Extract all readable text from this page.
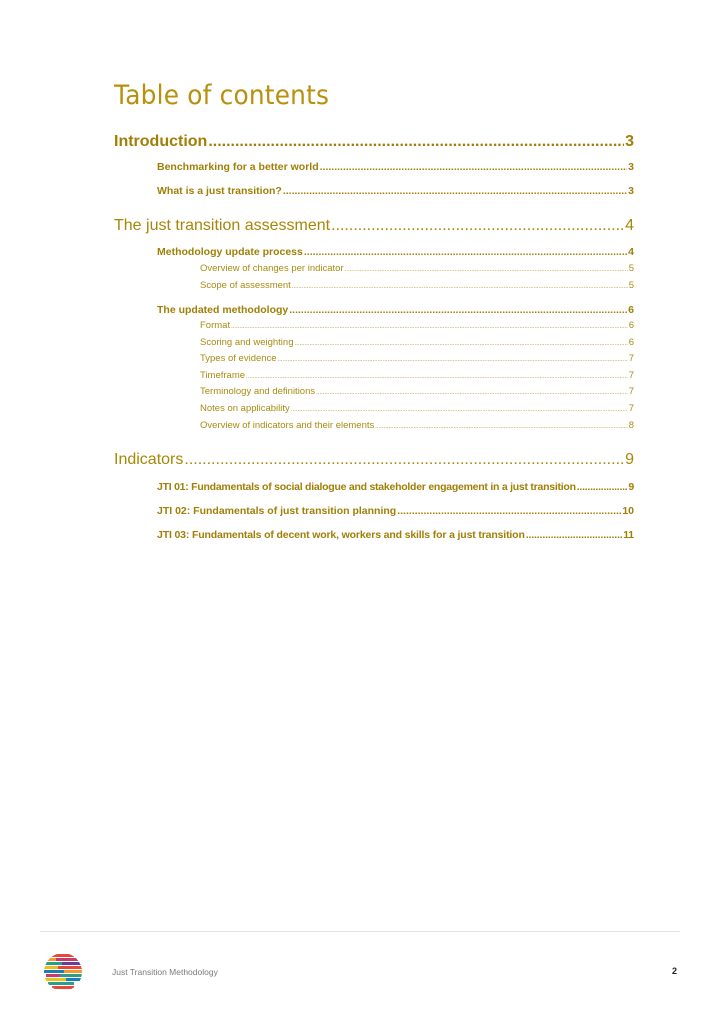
Table of contents
Introduction .....	3
Benchmarking for a better world .....	3
What is a just transition? .....	3
The just transition assessment .....	4
Methodology update process .....	4
Overview of changes per indicator .....	5
Scope of assessment .....	5
The updated methodology .....	6
Format .....	6
Scoring and weighting .....	6
Types of evidence .....	7
Timeframe .....	7
Terminology and definitions .....	7
Notes on applicability .....	7
Overview of indicators and their elements .....	8
Indicators .....	9
JTI 01: Fundamentals of social dialogue and stakeholder engagement in a just transition .....	9
JTI 02: Fundamentals of just transition planning .....	10
JTI 03: Fundamentals of decent work, workers and skills for a just transition .....	11
Just Transition Methodology	2
